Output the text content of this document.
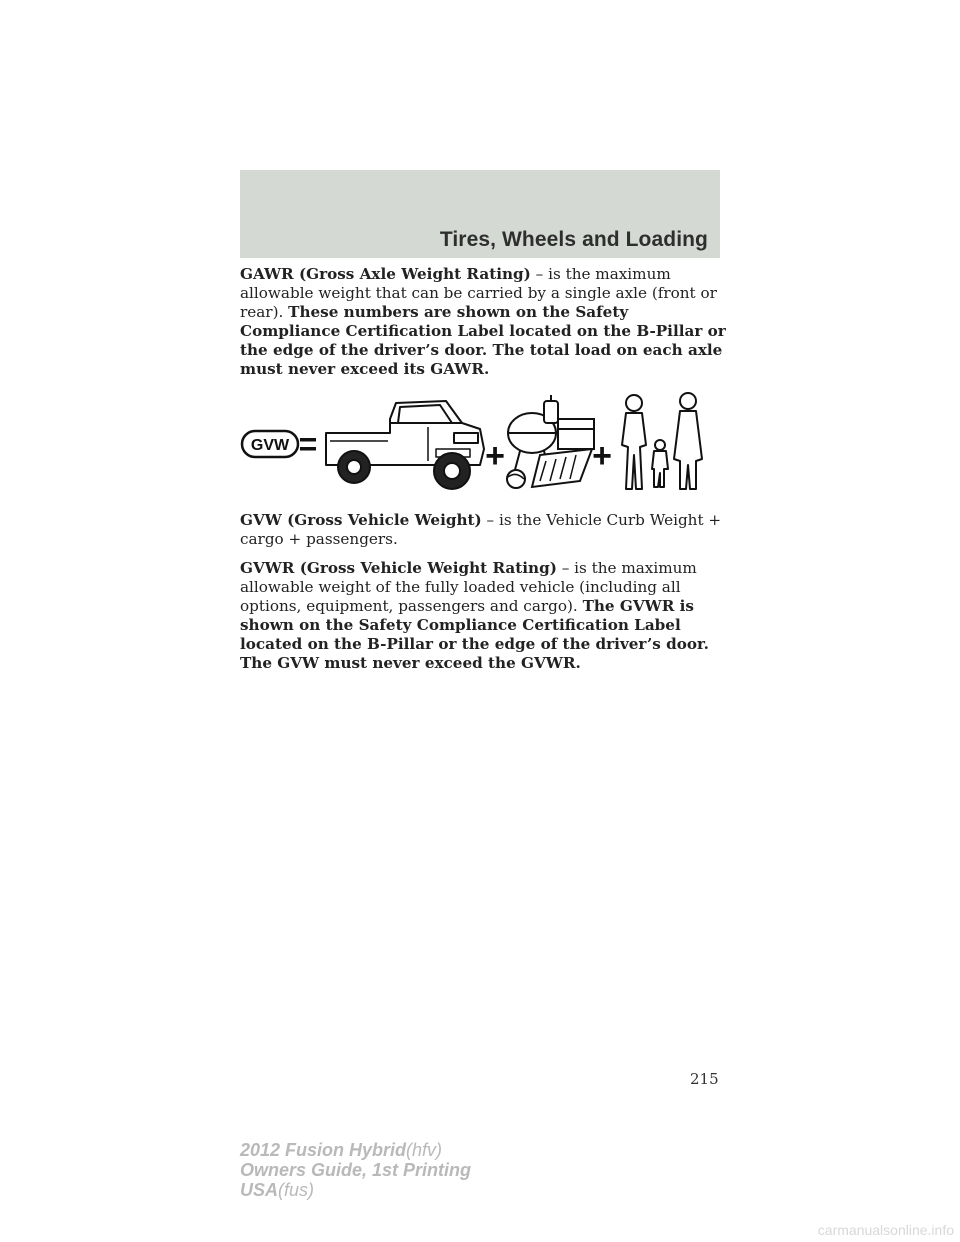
Tires, Wheels and Loading

GAWR (Gross Axle Weight Rating) – is the maximum allowable weight that can be carried by a single axle (front or rear). These numbers are shown on the Safety Compliance Certification Label located on the B-Pillar or the edge of the driver’s door. The total load on each axle must never exceed its GAWR.

GVW =	+	+

GVW (Gross Vehicle Weight) – is the Vehicle Curb Weight + cargo + passengers.

GVWR (Gross Vehicle Weight Rating) – is the maximum allowable weight of the fully loaded vehicle (including all options, equipment, passengers and cargo). The GVWR is shown on the Safety Compliance Certification Label located on the B-Pillar or the edge of the driver’s door. The GVW must never exceed the GVWR.

215
2012 Fusion Hybrid(hfv)
Owners Guide, 1st Printing
USA(fus)
carmanualsonline.info
